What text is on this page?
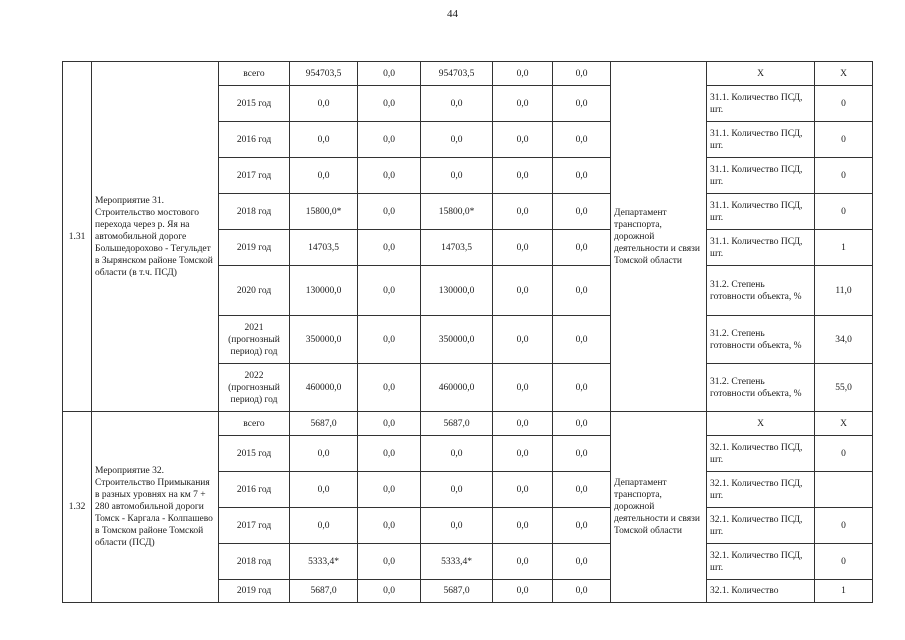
44
1.31	Мероприятие 31. Строительство мостового перехода через р. Яя на автомобильной дороге Большедорохово - Тегульдет в Зырянском районе Томской области (в т.ч. ПСД)	всего	954703,5	0,0	954703,5	0,0	0,0	Департамент транспорта, дорожной деятельности и связи Томской области	Х	Х
		2015 год	0,0	0,0	0,0	0,0	0,0		31.1. Количество ПСД, шт.	0
		2016 год	0,0	0,0	0,0	0,0	0,0		31.1. Количество ПСД, шт.	0
		2017 год	0,0	0,0	0,0	0,0	0,0		31.1. Количество ПСД, шт.	0
		2018 год	15800,0*	0,0	15800,0*	0,0	0,0		31.1. Количество ПСД, шт.	0
		2019 год	14703,5	0,0	14703,5	0,0	0,0		31.1. Количество ПСД, шт.	1
		2020 год	130000,0	0,0	130000,0	0,0	0,0		31.2. Степень готовности объекта, %	11,0
		2021 (прогнозный период) год	350000,0	0,0	350000,0	0,0	0,0		31.2. Степень готовности объекта, %	34,0
		2022 (прогнозный период) год	460000,0	0,0	460000,0	0,0	0,0		31.2. Степень готовности объекта, %	55,0
1.32	Мероприятие 32. Строительство Примыкания в разных уровнях на км 7 + 280 автомобильной дороги Томск - Каргала - Колпашево в Томском районе Томской области (ПСД)	всего	5687,0	0,0	5687,0	0,0	0,0	Департамент транспорта, дорожной деятельности и связи Томской области	Х	Х
		2015 год	0,0	0,0	0,0	0,0	0,0		32.1. Количество ПСД, шт.	0
		2016 год	0,0	0,0	0,0	0,0	0,0		32.1. Количество ПСД, шт.	
		2017 год	0,0	0,0	0,0	0,0	0,0		32.1. Количество ПСД, шт.	0
		2018 год	5333,4*	0,0	5333,4*	0,0	0,0		32.1. Количество ПСД, шт.	0
		2019 год	5687,0	0,0	5687,0	0,0	0,0		32.1. Количество	1
